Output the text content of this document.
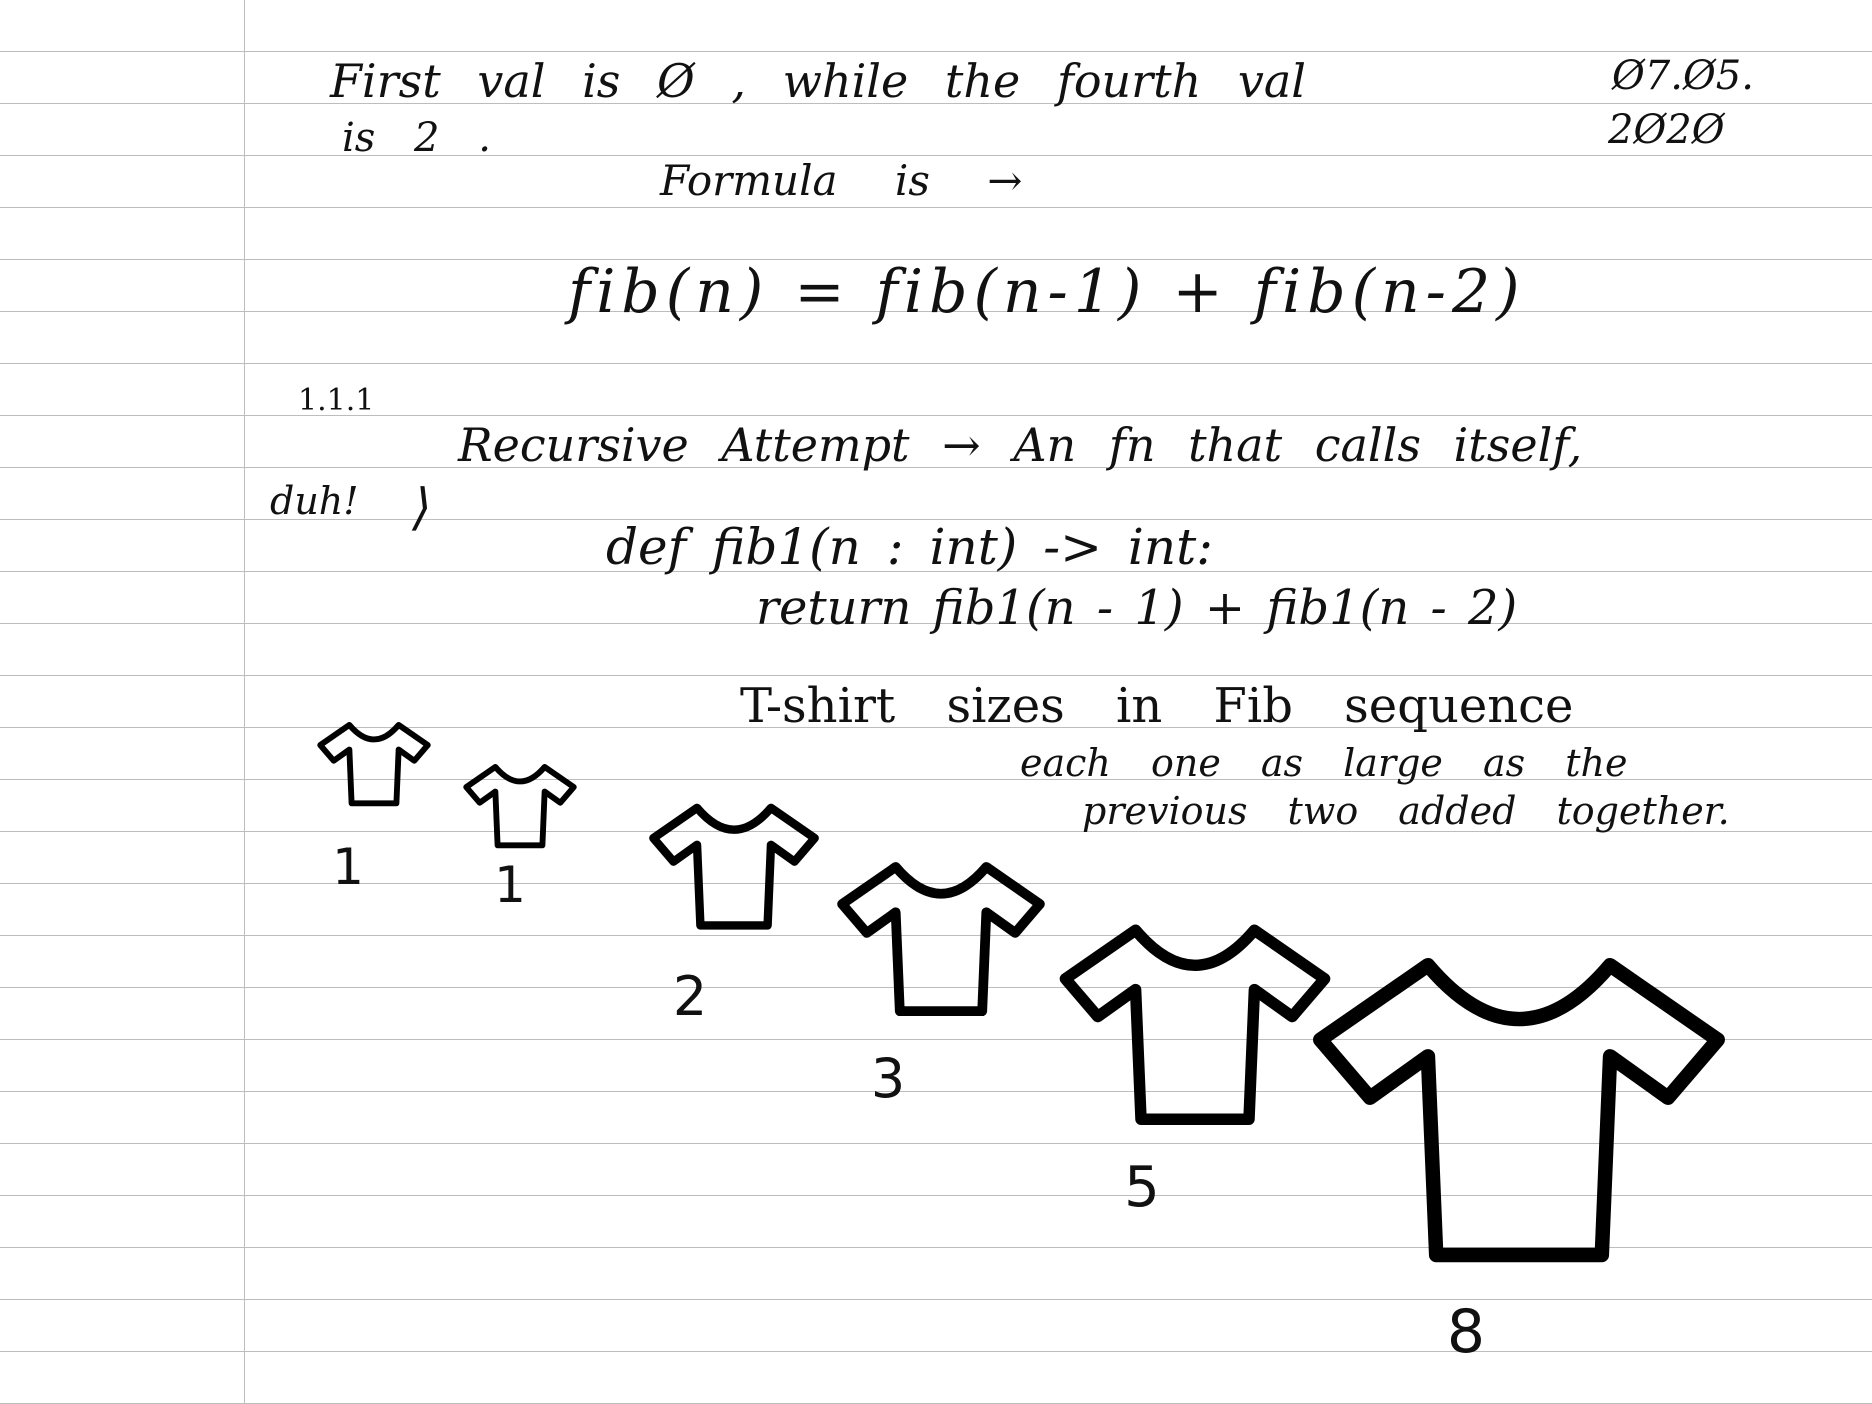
First val is Ø , while the fourth val
is 2 .
Ø7.Ø5.
2Ø2Ø
Formula is →
fib(n) = fib(n-1) + fib(n-2)
1.1.1
Recursive Attempt → An fn that calls itself,
duh! ⟩
def fib1(n : int) -> int:
return fib1(n - 1) + fib1(n - 2)
T-shirt sizes in Fib sequence
each one as large as the
previous two added together.
1	1
2
3
5
8
